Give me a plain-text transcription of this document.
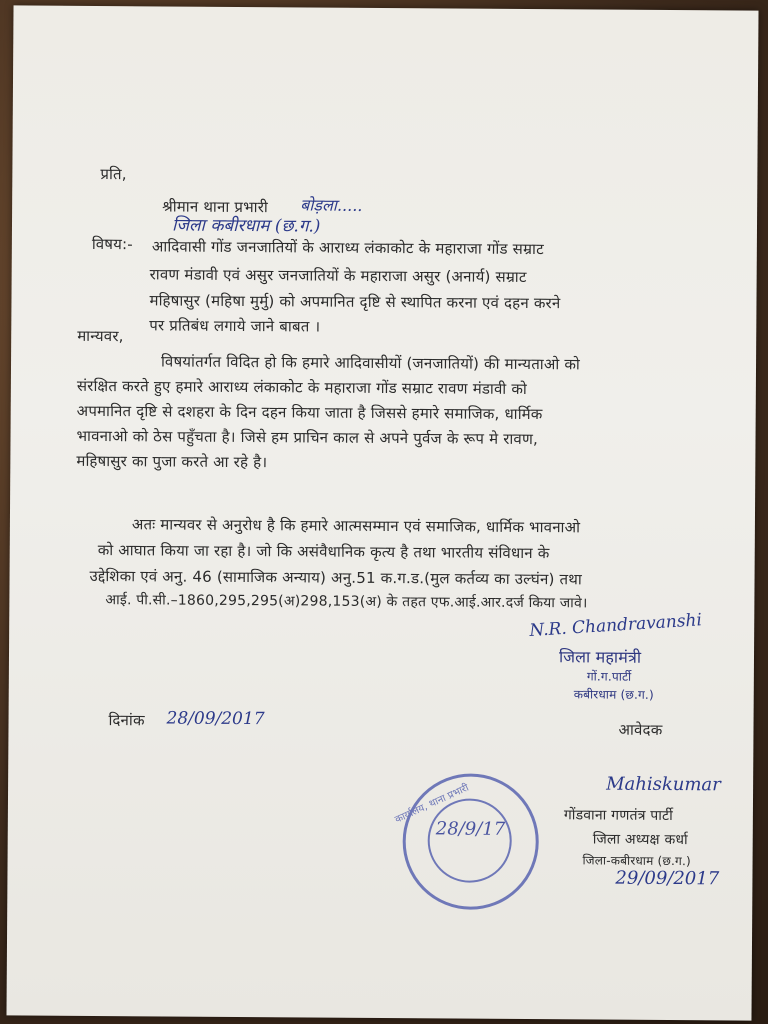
प्रति,
श्रीमान थाना प्रभारी बोड़ला.....
जिला कबीरधाम (छ.ग.)
विषय:- आदिवासी गोंड जनजातियों के आराध्य लंकाकोट के महाराजा गोंड सम्राट
रावण मंडावी एवं असुर जनजातियों के महाराजा असुर (अनार्य) सम्राट
महिषासुर (महिषा मुर्मु) को अपमानित दृष्टि से स्थापित करना एवं दहन करने
पर प्रतिबंध लगाये जाने बाबत ।
मान्यवर,
विषयांतर्गत विदित हो कि हमारे आदिवासीयों (जनजातियों) की मान्यताओ को
संरक्षित करते हुए हमारे आराध्य लंकाकोट के महाराजा गोंड सम्राट रावण मंडावी को
अपमानित दृष्टि से दशहरा के दिन दहन किया जाता है जिससे हमारे समाजिक, धार्मिक
भावनाओ को ठेस पहुँचता है। जिसे हम प्राचिन काल से अपने पुर्वज के रूप मे रावण,
महिषासुर का पुजा करते आ रहे है।
अतः मान्यवर से अनुरोध है कि हमारे आत्मसम्मान एवं समाजिक, धार्मिक भावनाओ
को आघात किया जा रहा है। जो कि असंवैधानिक कृत्य है तथा भारतीय संविधान के
उद्देशिका एवं अनु. 46 (सामाजिक अन्याय) अनु.51 क.ग.ड.(मुल कर्तव्य का उल्घंन) तथा
आई. पी.सी.–1860,295,295(अ)298,153(अ) के तहत एफ.आई.आर.दर्ज किया जावे।
N.R. Chandravanshi
जिला महामंत्री
गों.ग.पार्टी
कबीरधाम (छ.ग.)
दिनांक 28/09/2017
आवेदक
Mahiskumar
गोंडवाना गणतंत्र पार्टी
जिला अध्यक्ष कर्धा
जिला-कबीरधाम (छ.ग.)
29/09/2017
कार्यालय, थाना प्रभारी
28/9/17
